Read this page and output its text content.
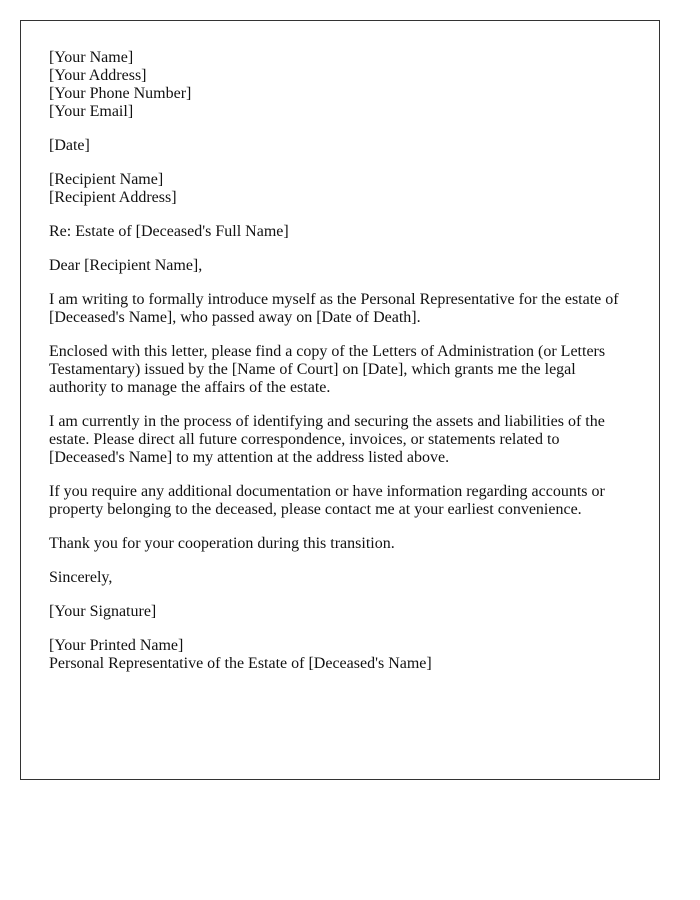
[Your Name]
[Your Address]
[Your Phone Number]
[Your Email]
[Date]
[Recipient Name]
[Recipient Address]
Re: Estate of [Deceased's Full Name]
Dear [Recipient Name],

I am writing to formally introduce myself as the Personal Representative for the estate of
[Deceased's Name], who passed away on [Date of Death].

Enclosed with this letter, please find a copy of the Letters of Administration (or Letters
Testamentary) issued by the [Name of Court] on [Date], which grants me the legal
authority to manage the affairs of the estate.

I am currently in the process of identifying and securing the assets and liabilities of the
estate. Please direct all future correspondence, invoices, or statements related to
[Deceased's Name] to my attention at the address listed above.

If you require any additional documentation or have information regarding accounts or
property belonging to the deceased, please contact me at your earliest convenience.

Thank you for your cooperation during this transition.

Sincerely,
[Your Signature]
[Your Printed Name]
Personal Representative of the Estate of [Deceased's Name]
